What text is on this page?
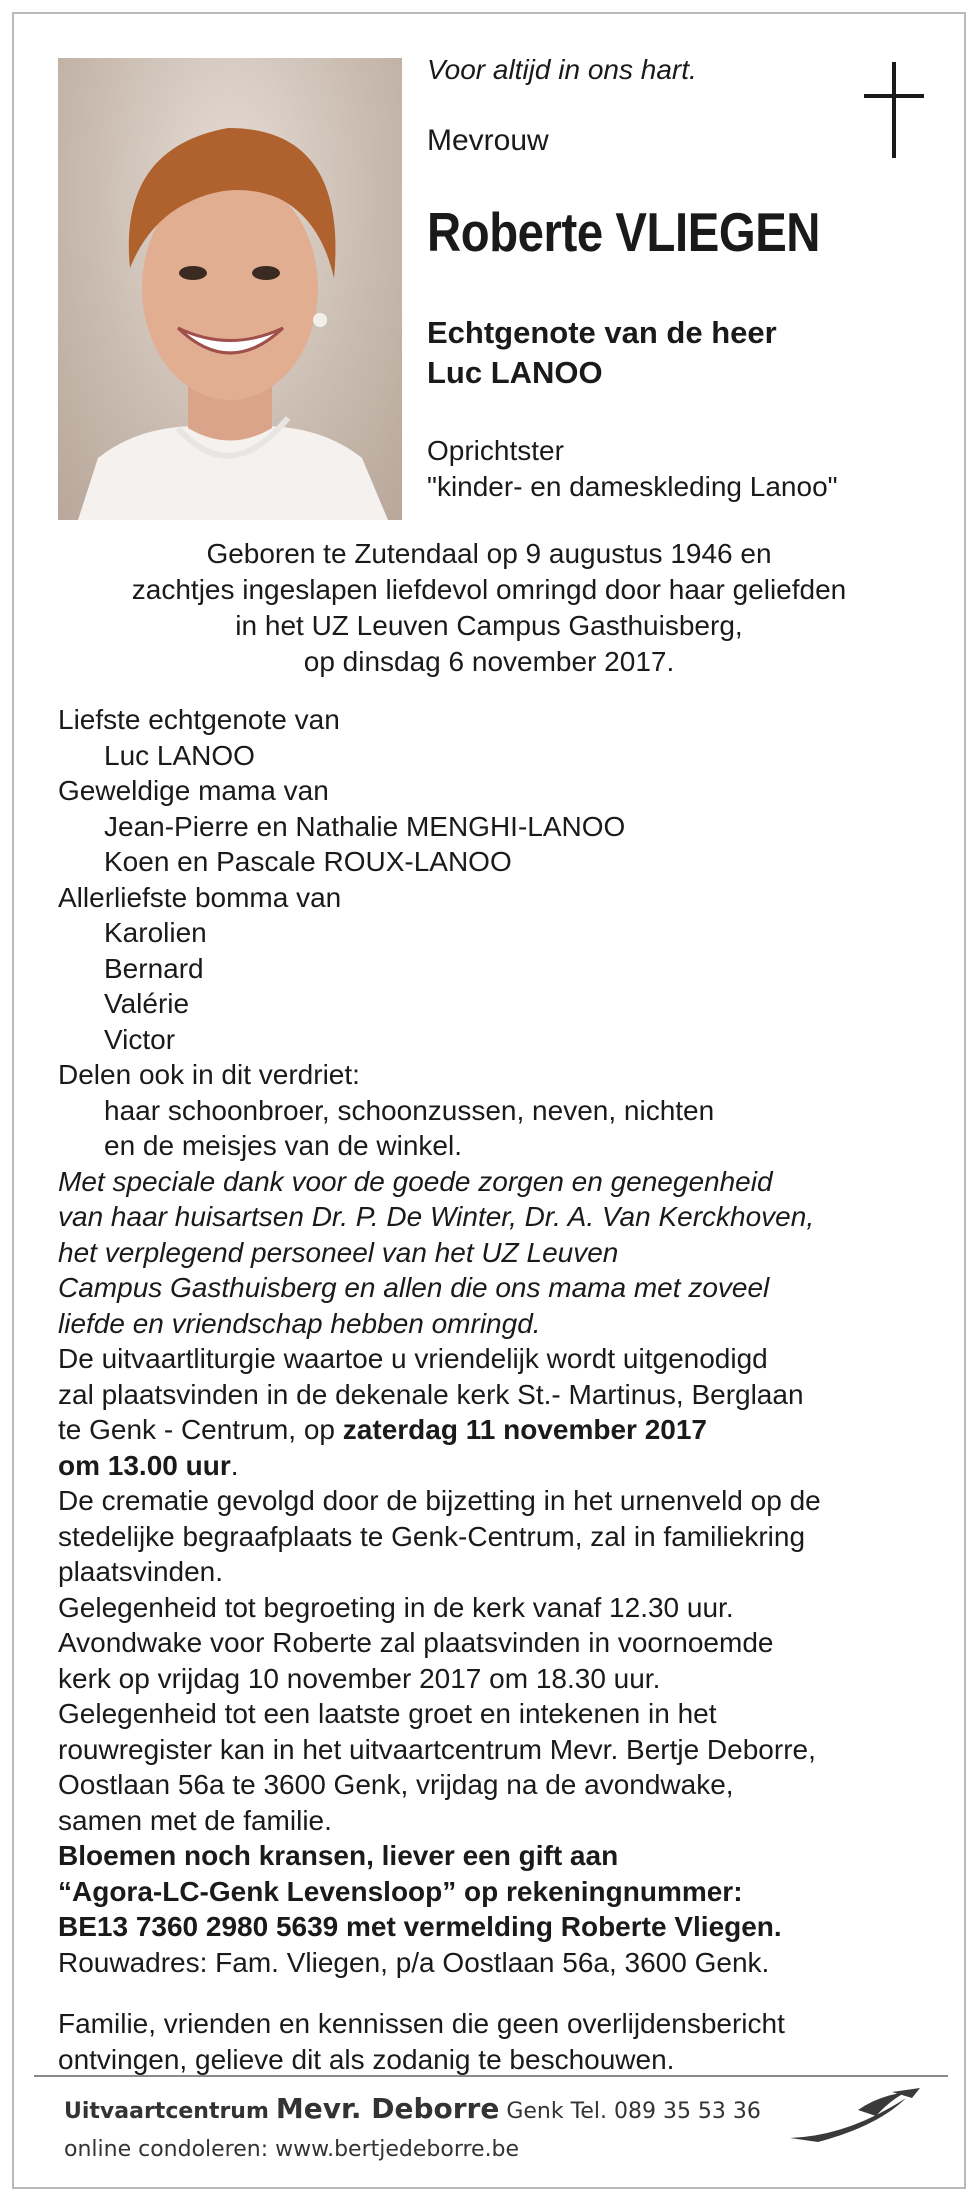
Voor altijd in ons hart.

Mevrouw

Roberte VLIEGEN

Echtgenote van de heer
Luc LANOO

Oprichtster
"kinder- en dameskleding Lanoo"

Geboren te Zutendaal op 9 augustus 1946 en
zachtjes ingeslapen liefdevol omringd door haar geliefden
in het UZ Leuven Campus Gasthuisberg,
op dinsdag 6 november 2017.

Liefste echtgenote van
Luc LANOO
Geweldige mama van
Jean-Pierre en Nathalie MENGHI-LANOO
Koen en Pascale ROUX-LANOO
Allerliefste bomma van
Karolien
Bernard
Valérie
Victor
Delen ook in dit verdriet:
haar schoonbroer, schoonzussen, neven, nichten
en de meisjes van de winkel.
Met speciale dank voor de goede zorgen en genegenheid
van haar huisartsen Dr. P. De Winter, Dr. A. Van Kerckhoven,
het verplegend personeel van het UZ Leuven
Campus Gasthuisberg en allen die ons mama met zoveel
liefde en vriendschap hebben omringd.
De uitvaartliturgie waartoe u vriendelijk wordt uitgenodigd
zal plaatsvinden in de dekenale kerk St.- Martinus, Berglaan
te Genk - Centrum, op zaterdag 11 november 2017
om 13.00 uur.
De crematie gevolgd door de bijzetting in het urnenveld op de
stedelijke begraafplaats te Genk-Centrum, zal in familiekring
plaatsvinden.
Gelegenheid tot begroeting in de kerk vanaf 12.30 uur.
Avondwake voor Roberte zal plaatsvinden in voornoemde
kerk op vrijdag 10 november 2017 om 18.30 uur.
Gelegenheid tot een laatste groet en intekenen in het
rouwregister kan in het uitvaartcentrum Mevr. Bertje Deborre,
Oostlaan 56a te 3600 Genk, vrijdag na de avondwake,
samen met de familie.
Bloemen noch kransen, liever een gift aan
“Agora-LC-Genk Levensloop” op rekeningnummer:
BE13 7360 2980 5639 met vermelding Roberte Vliegen.
Rouwadres: Fam. Vliegen, p/a Oostlaan 56a, 3600 Genk.

Familie, vrienden en kennissen die geen overlijdensbericht
ontvingen, gelieve dit als zodanig te beschouwen.

Uitvaartcentrum Mevr. Deborre Genk Tel. 089 35 53 36
online condoleren: www.bertjedeborre.be
